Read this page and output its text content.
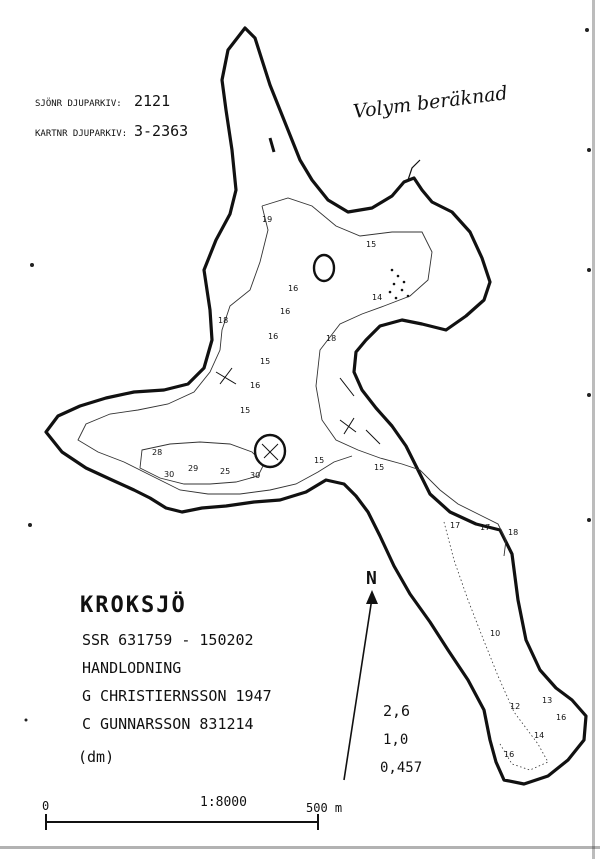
19
15
16
16
18
16
15
16
15
14
18
28
30
29	25 30
15
15
17 17
18
10
12
13
16
14
16
SJÖNR DJUPARKIV: 2121
KARTNR DJUPARKIV: 3-2363
Volym beräknad
KROKSJÖ
SSR 631759 - 150202
HANDLODNING
G CHRISTIERNSSON 1947
C GUNNARSSON 831214
(dm)
2,6
1,0
0,457
N
0	1:8000	500 m
